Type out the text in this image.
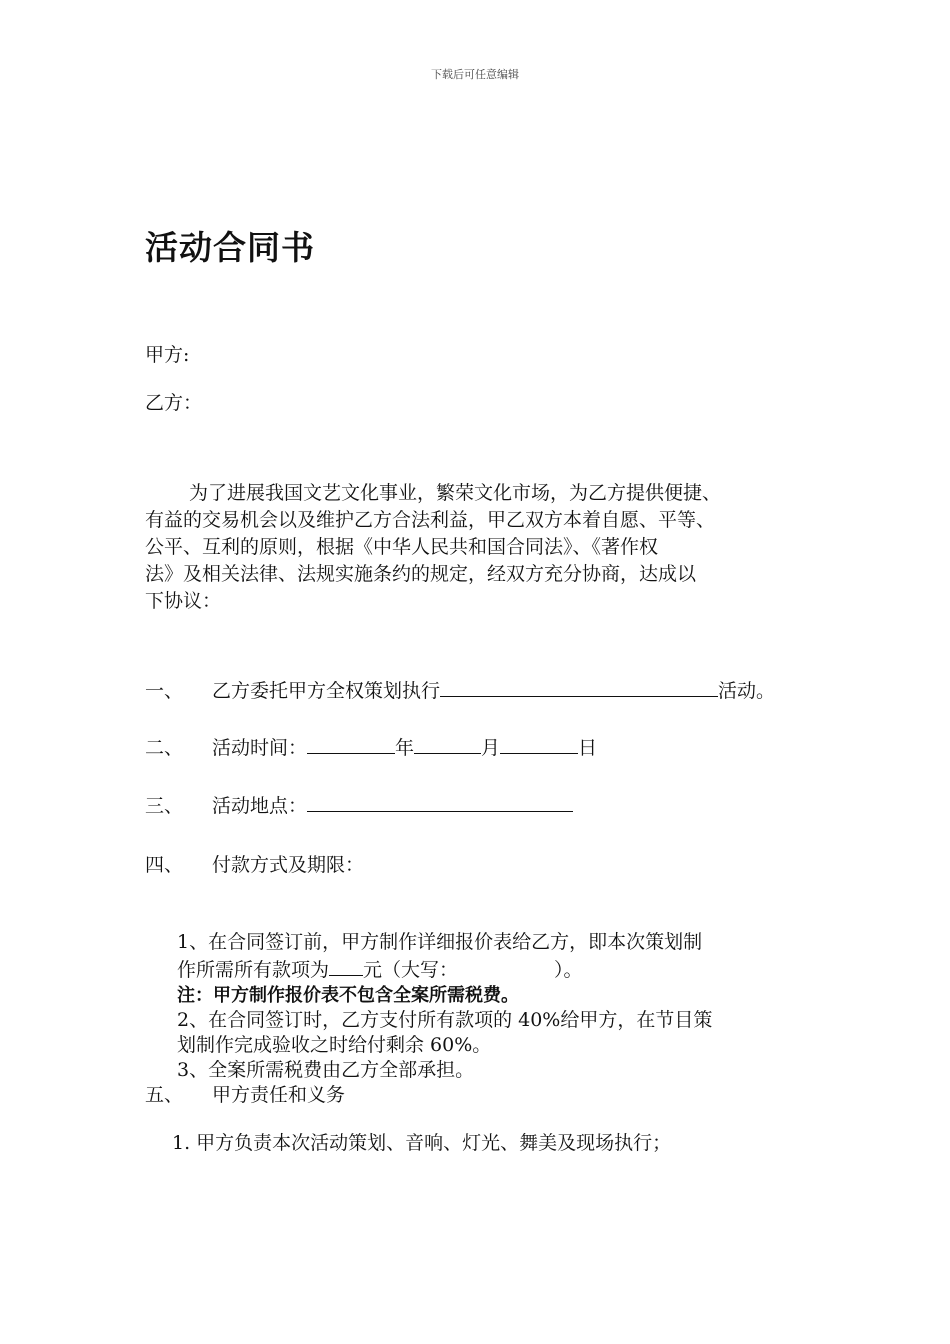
下载后可任意编辑
活动合同书
甲方:
乙方：
为了进展我国文艺文化事业，繁荣文化市场，为乙方提供便捷、
有益的交易机会以及维护乙方合法利益，甲乙双方本着自愿、平等、
公平、互利的原则，根据《中华人民共和国合同法》、《著作权
法》及相关法律、法规实施条约的规定，经双方充分协商，达成以
下协议：
一、 乙方委托甲方全权策划执行	活动。
二、 活动时间：	年	月	日
三、 活动地点：
四、 付款方式及期限：
1、在合同签订前，甲方制作详细报价表给乙方，即本次策划制
作所需所有款项为 元（大写：	）。
注：甲方制作报价表不包含全案所需税费。
2、在合同签订时，乙方支付所有款项的 40%给甲方，在节目策
划制作完成验收之时给付剩余 60%。
3、全案所需税费由乙方全部承担。
五、 甲方责任和义务
1. 甲方负责本次活动策划、音响、灯光、舞美及现场执行；
